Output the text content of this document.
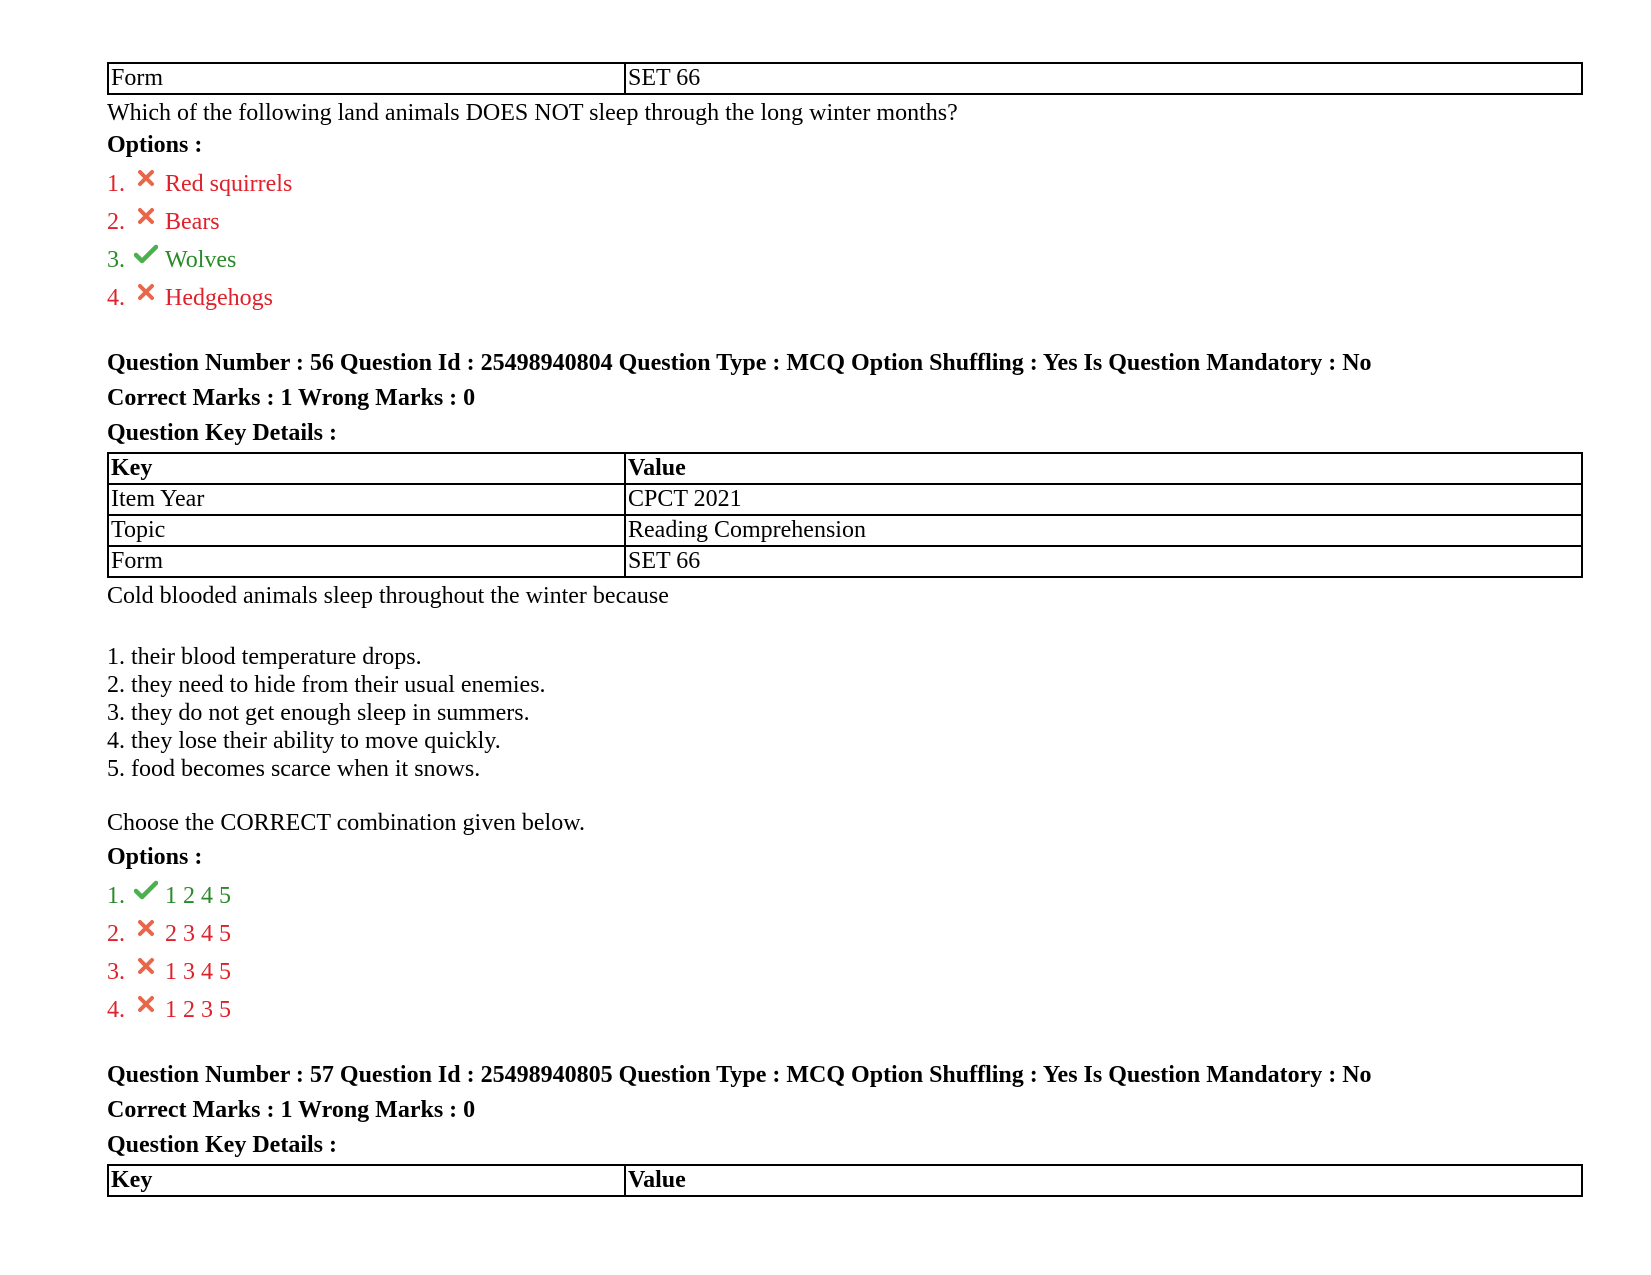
Form	SET 66
Which of the following land animals DOES NOT sleep through the long winter months?
Options :
1. Red squirrels
2. Bears
3. Wolves
4. Hedgehogs
Question Number : 56 Question Id : 25498940804 Question Type : MCQ Option Shuffling : Yes Is Question Mandatory : No
Correct Marks : 1 Wrong Marks : 0
Question Key Details :
Key	Value
Item Year	CPCT 2021
Topic	Reading Comprehension
Form	SET 66
Cold blooded animals sleep throughout the winter because
1. their blood temperature drops.
2. they need to hide from their usual enemies.
3. they do not get enough sleep in summers.
4. they lose their ability to move quickly.
5. food becomes scarce when it snows.
Choose the CORRECT combination given below.
Options :
1. 1 2 4 5
2. 2 3 4 5
3. 1 3 4 5
4. 1 2 3 5
Question Number : 57 Question Id : 25498940805 Question Type : MCQ Option Shuffling : Yes Is Question Mandatory : No
Correct Marks : 1 Wrong Marks : 0
Question Key Details :
Key	Value
